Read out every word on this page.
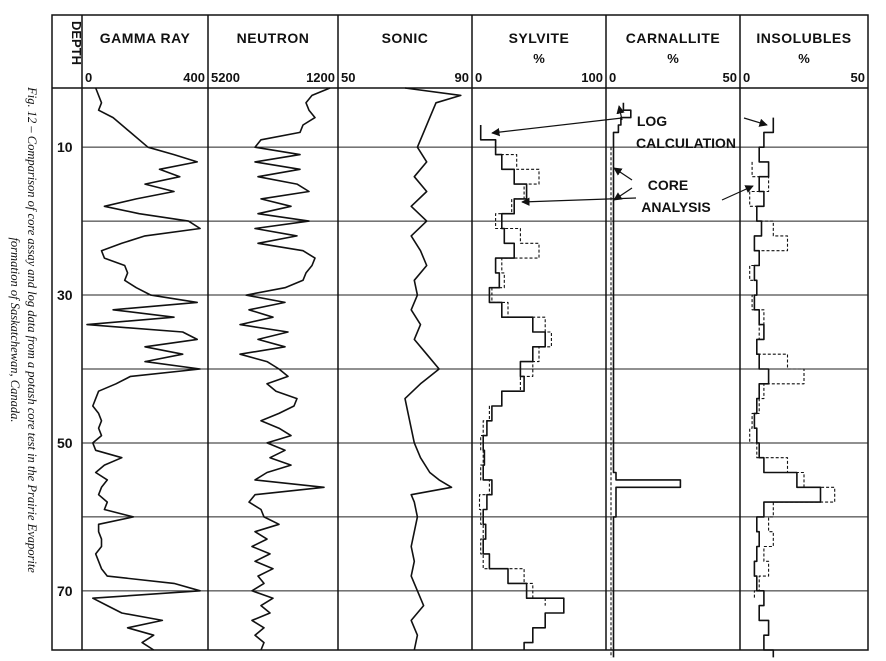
Fig. 12 – Comparison of core assay and log data from a potash core test in the Prairie Evaporite
formation of Saskatchewan, Canada.
DEPTH
10
30
50
70
GAMMA RAY
0	400
NEUTRON
5200	1200
SONIC
50	90
SYLVITE
%
0	100
CARNALLITE
%
0	50
INSOLUBLES
%
0	50
LOG
CALCULATION
CORE
ANALYSIS
